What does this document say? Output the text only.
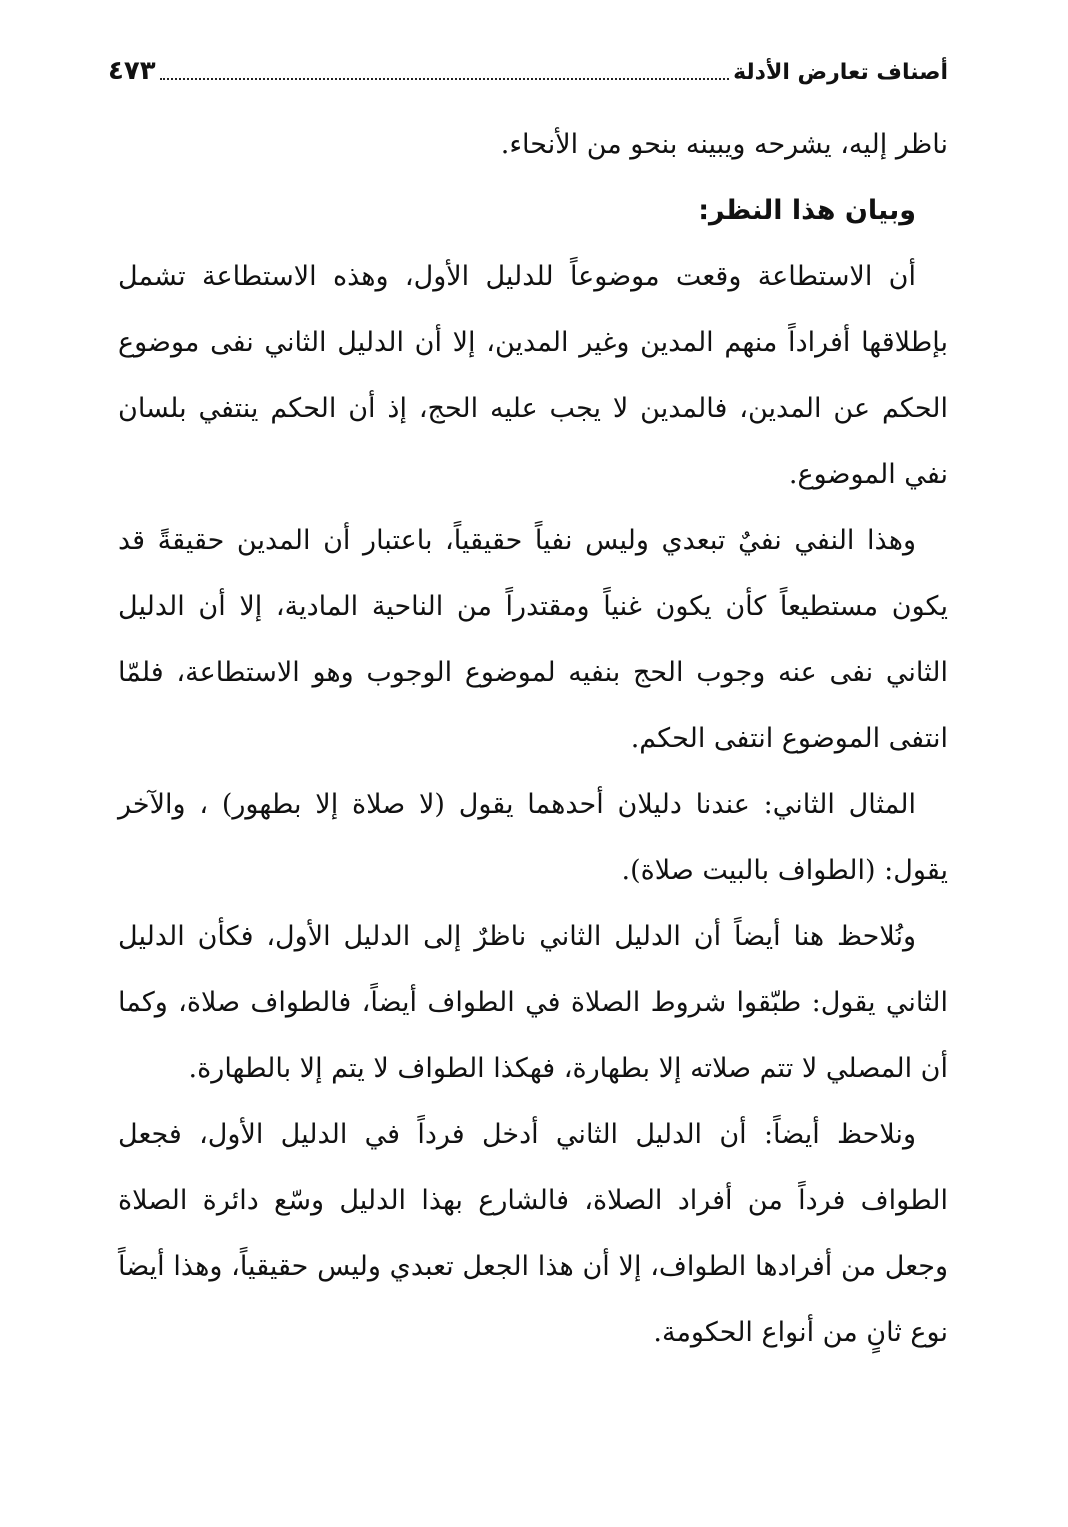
أصناف تعارض الأدلة
٤٧٣

ناظر إليه، يشرحه ويبينه بنحو من الأنحاء.

وبيان هذا النظر:

أن الاستطاعة وقعت موضوعاً للدليل الأول، وهذه الاستطاعة تشمل بإطلاقها أفراداً منهم المدين وغير المدين، إلا أن الدليل الثاني نفى موضوع الحكم عن المدين، فالمدين لا يجب عليه الحج، إذ أن الحكم ينتفي بلسان نفي الموضوع.

وهذا النفي نفيٌ تبعدي وليس نفياً حقيقياً، باعتبار أن المدين حقيقةً قد يكون مستطيعاً كأن يكون غنياً ومقتدراً من الناحية المادية، إلا أن الدليل الثاني نفى عنه وجوب الحج بنفيه لموضوع الوجوب وهو الاستطاعة، فلمّا انتفى الموضوع انتفى الحكم.

المثال الثاني: عندنا دليلان أحدهما يقول (لا صلاة إلا بطهور) ، والآخر يقول: (الطواف بالبيت صلاة).

ونُلاحظ هنا أيضاً أن الدليل الثاني ناظرٌ إلى الدليل الأول، فكأن الدليل الثاني يقول: طبّقوا شروط الصلاة في الطواف أيضاً، فالطواف صلاة، وكما أن المصلي لا تتم صلاته إلا بطهارة، فهكذا الطواف لا يتم إلا بالطهارة.

ونلاحظ أيضاً: أن الدليل الثاني أدخل فرداً في الدليل الأول، فجعل الطواف فرداً من أفراد الصلاة، فالشارع بهذا الدليل وسّع دائرة الصلاة وجعل من أفرادها الطواف، إلا أن هذا الجعل تعبدي وليس حقيقياً، وهذا أيضاً نوع ثانٍ من أنواع الحكومة.
